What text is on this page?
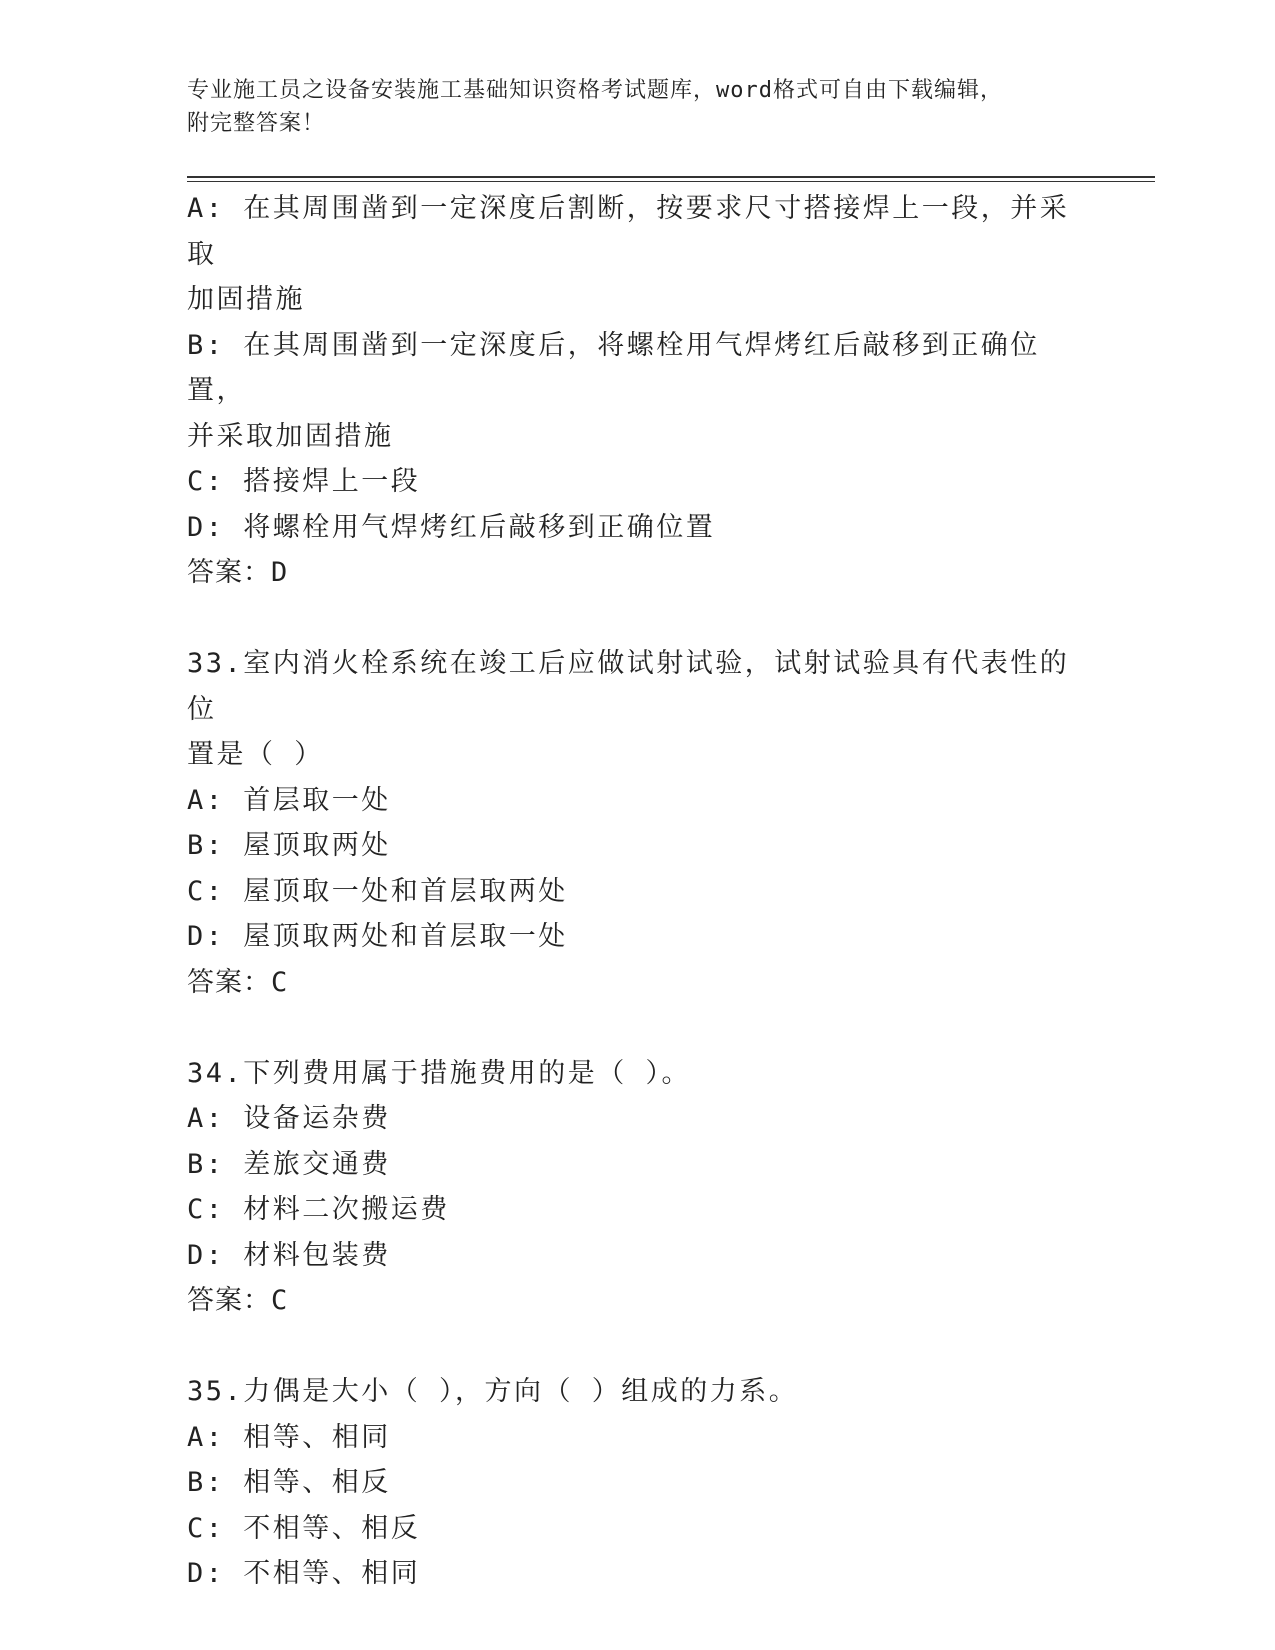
专业施工员之设备安装施工基础知识资格考试题库，word格式可自由下载编辑，
附完整答案！
A: 在其周围凿到一定深度后割断，按要求尺寸搭接焊上一段，并采取
加固措施
B: 在其周围凿到一定深度后，将螺栓用气焊烤红后敲移到正确位置，
并采取加固措施
C: 搭接焊上一段
D: 将螺栓用气焊烤红后敲移到正确位置
答案：D
33.室内消火栓系统在竣工后应做试射试验，试射试验具有代表性的位
置是（ ）
A: 首层取一处
B: 屋顶取两处
C: 屋顶取一处和首层取两处
D: 屋顶取两处和首层取一处
答案：C
34.下列费用属于措施费用的是（ ）。
A: 设备运杂费
B: 差旅交通费
C: 材料二次搬运费
D: 材料包装费
答案：C
35.力偶是大小（ ），方向（ ）组成的力系。
A: 相等、相同
B: 相等、相反
C: 不相等、相反
D: 不相等、相同
